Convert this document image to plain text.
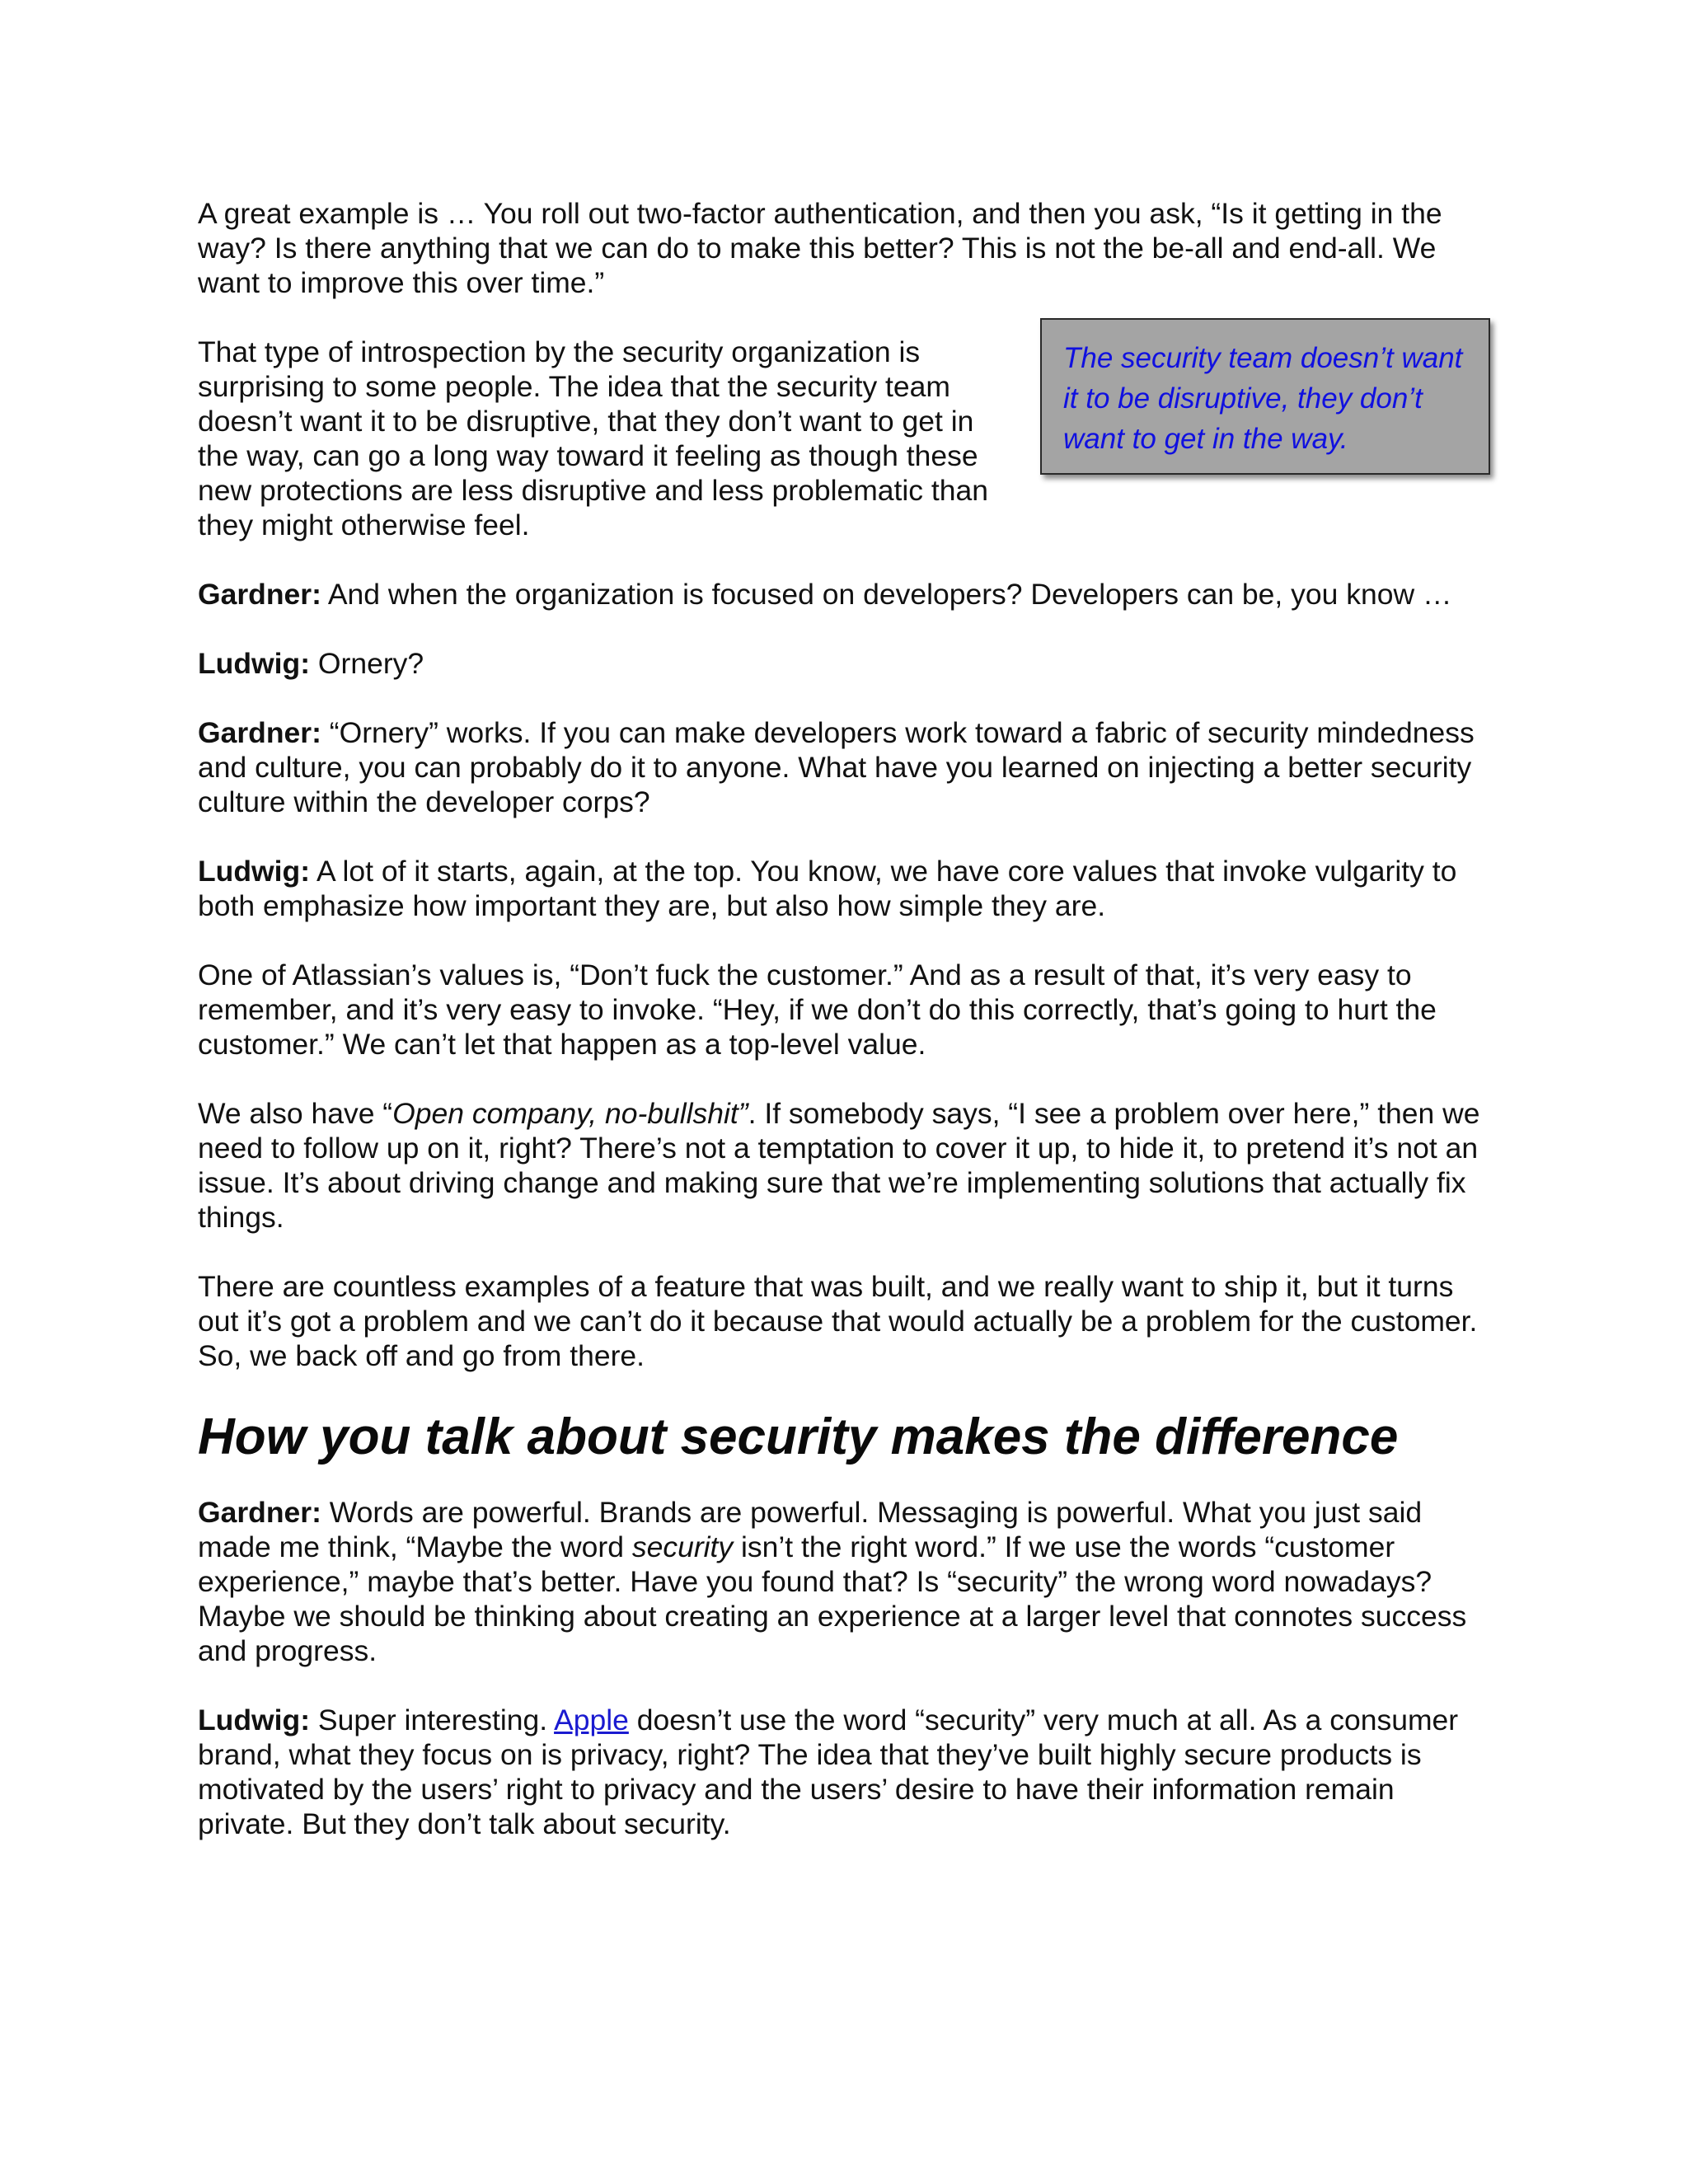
A great example is … You roll out two-factor authentication, and then you ask, “Is it getting in the way? Is there anything that we can do to make this better? This is not the be-all and end-all. We want to improve this over time.”

That type of introspection by the security organization is surprising to some people. The idea that the security team doesn’t want it to be disruptive, that they don’t want to get in the way, can go a long way toward it feeling as though these new protections are less disruptive and less problematic than they might otherwise feel.

The security team doesn’t want it to be disruptive, they don’t want to get in the way.

Gardner: And when the organization is focused on developers? Developers can be, you know …

Ludwig: Ornery?

Gardner: “Ornery” works. If you can make developers work toward a fabric of security mindedness and culture, you can probably do it to anyone. What have you learned on injecting a better security culture within the developer corps?

Ludwig: A lot of it starts, again, at the top. You know, we have core values that invoke vulgarity to both emphasize how important they are, but also how simple they are.

One of Atlassian’s values is, “Don’t fuck the customer.” And as a result of that, it’s very easy to remember, and it’s very easy to invoke. “Hey, if we don’t do this correctly, that’s going to hurt the customer.” We can’t let that happen as a top-level value.

We also have “Open company, no-bullshit”. If somebody says, “I see a problem over here,” then we need to follow up on it, right? There’s not a temptation to cover it up, to hide it, to pretend it’s not an issue. It’s about driving change and making sure that we’re implementing solutions that actually fix things.

There are countless examples of a feature that was built, and we really want to ship it, but it turns out it’s got a problem and we can’t do it because that would actually be a problem for the customer. So, we back off and go from there.

How you talk about security makes the difference

Gardner: Words are powerful. Brands are powerful. Messaging is powerful. What you just said made me think, “Maybe the word security isn’t the right word.” If we use the words “customer experience,” maybe that’s better. Have you found that? Is “security” the wrong word nowadays? Maybe we should be thinking about creating an experience at a larger level that connotes success and progress.

Ludwig: Super interesting. Apple doesn’t use the word “security” very much at all. As a consumer brand, what they focus on is privacy, right? The idea that they’ve built highly secure products is motivated by the users’ right to privacy and the users’ desire to have their information remain private. But they don’t talk about security.
